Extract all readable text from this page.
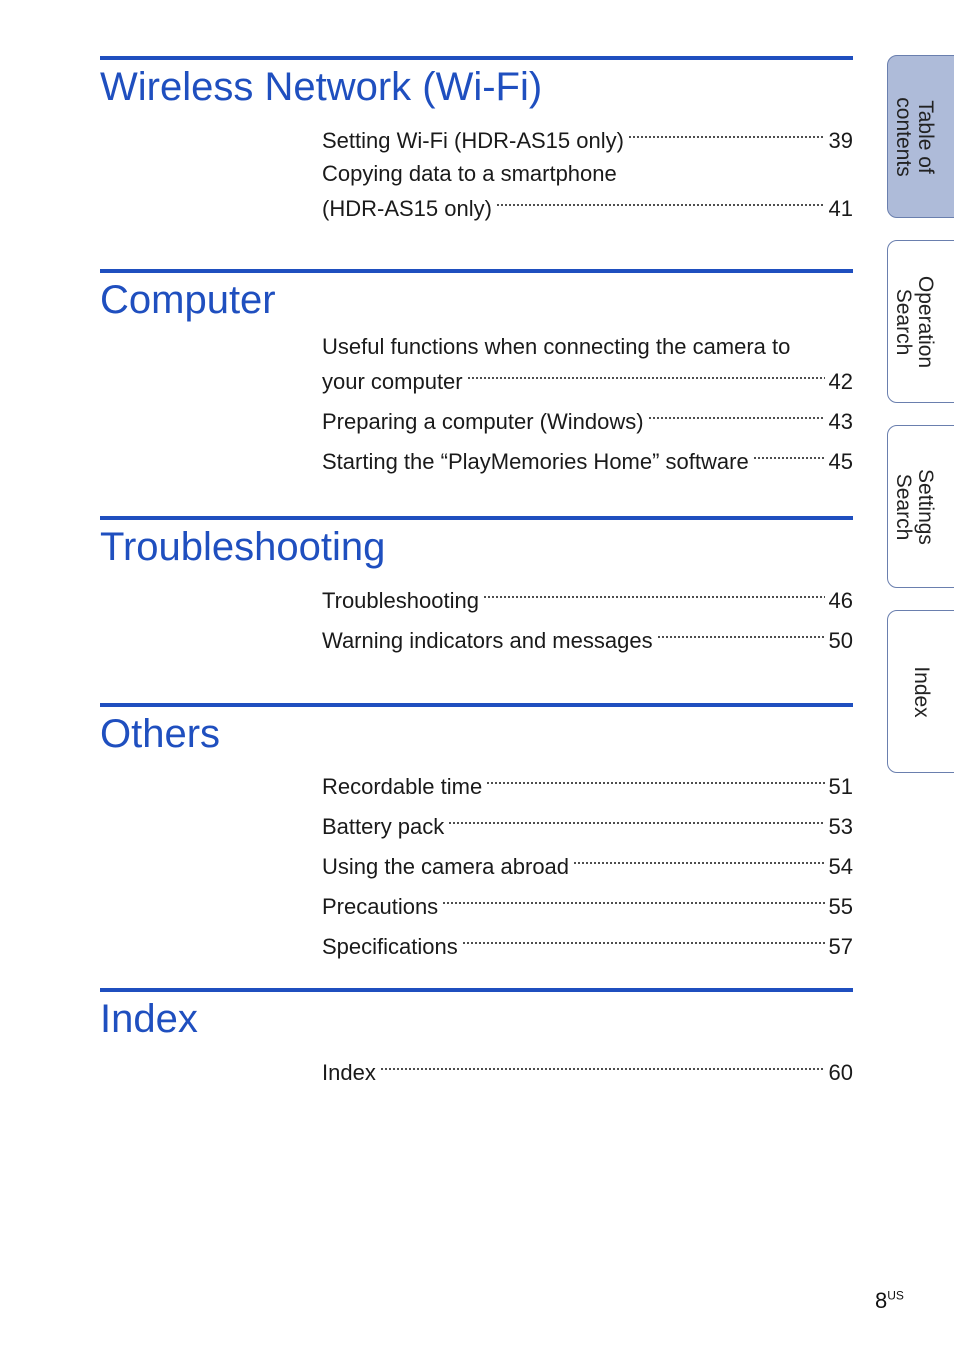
Wireless Network (Wi-Fi)
Setting Wi-Fi (HDR-AS15 only)	39
Copying data to a smartphone
(HDR-AS15 only)	41
Computer
Useful functions when connecting the camera to
your computer	42
Preparing a computer (Windows)	43
Starting the “PlayMemories Home” software	45
Troubleshooting
Troubleshooting	46
Warning indicators and messages	50
Others
Recordable time	51
Battery pack	53
Using the camera abroad	54
Precautions	55
Specifications	57
Index
Index	60
Table of
contents
Operation
Search
Settings
Search
Index
$8^{US}$
